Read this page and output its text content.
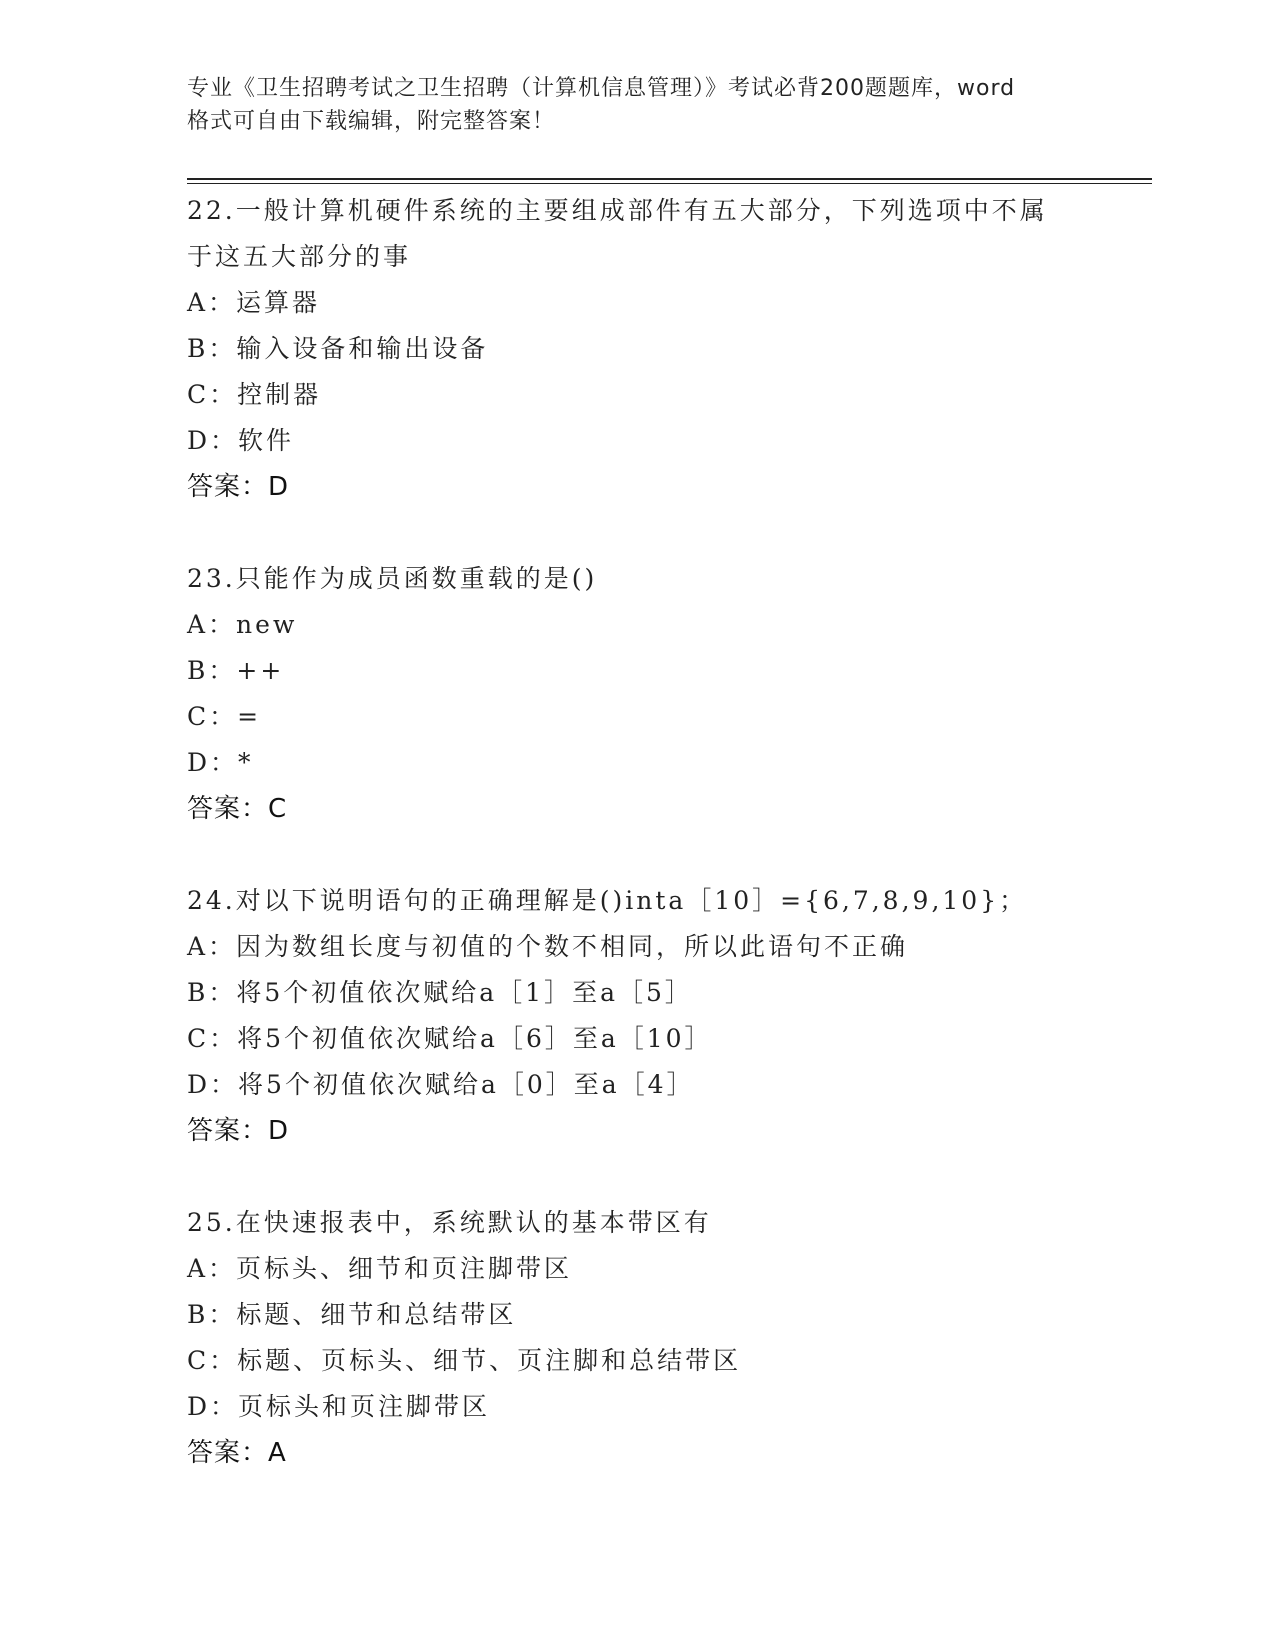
专业《卫生招聘考试之卫生招聘（计算机信息管理）》考试必背200题题库，word
格式可自由下载编辑，附完整答案！
22.一般计算机硬件系统的主要组成部件有五大部分，下列选项中不属
于这五大部分的事
A：运算器
B：输入设备和输出设备
C：控制器
D：软件
答案：D
23.只能作为成员函数重载的是()
A：new
B：++
C：=
D：*
答案：C
24.对以下说明语句的正确理解是()inta［10］={6,7,8,9,10}；
A：因为数组长度与初值的个数不相同，所以此语句不正确
B：将5个初值依次赋给a［1］至a［5］
C：将5个初值依次赋给a［6］至a［10］
D：将5个初值依次赋给a［0］至a［4］
答案：D
25.在快速报表中，系统默认的基本带区有
A：页标头、细节和页注脚带区
B：标题、细节和总结带区
C：标题、页标头、细节、页注脚和总结带区
D：页标头和页注脚带区
答案：A
